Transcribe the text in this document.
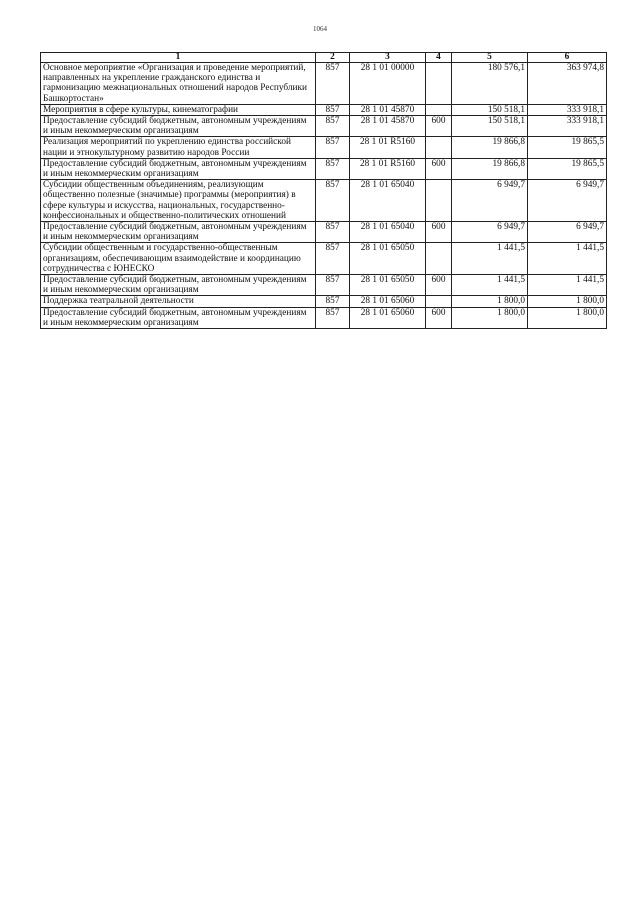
1064
1	2	3	4	5	6
Основное мероприятие «Организация и проведение мероприятий, направленных на укрепление гражданского единства и гармонизацию межнациональных отношений народов Республики Башкортостан»	857	28 1 01 00000		180 576,1	363 974,8
Мероприятия в сфере культуры, кинематографии	857	28 1 01 45870		150 518,1	333 918,1
Предоставление субсидий бюджетным, автономным учреждениям и иным некоммерческим организациям	857	28 1 01 45870	600	150 518,1	333 918,1
Реализация мероприятий по укреплению единства российской нации и этнокультурному развитию народов России	857	28 1 01 R5160		19 866,8	19 865,5
Предоставление субсидий бюджетным, автономным учреждениям и иным некоммерческим организациям	857	28 1 01 R5160	600	19 866,8	19 865,5
Субсидии общественным объединениям, реализующим общественно полезные (значимые) программы (мероприятия) в сфере культуры и искусства, национальных, государственно-конфессиональных и общественно-политических отношений	857	28 1 01 65040		6 949,7	6 949,7
Предоставление субсидий бюджетным, автономным учреждениям и иным некоммерческим организациям	857	28 1 01 65040	600	6 949,7	6 949,7
Субсидии общественным и государственно-общественным организациям, обеспечивающим взаимодействие и координацию сотрудничества с ЮНЕСКО	857	28 1 01 65050		1 441,5	1 441,5
Предоставление субсидий бюджетным, автономным учреждениям и иным некоммерческим организациям	857	28 1 01 65050	600	1 441,5	1 441,5
Поддержка театральной деятельности	857	28 1 01 65060		1 800,0	1 800,0
Предоставление субсидий бюджетным, автономным учреждениям и иным некоммерческим организациям	857	28 1 01 65060	600	1 800,0	1 800,0
